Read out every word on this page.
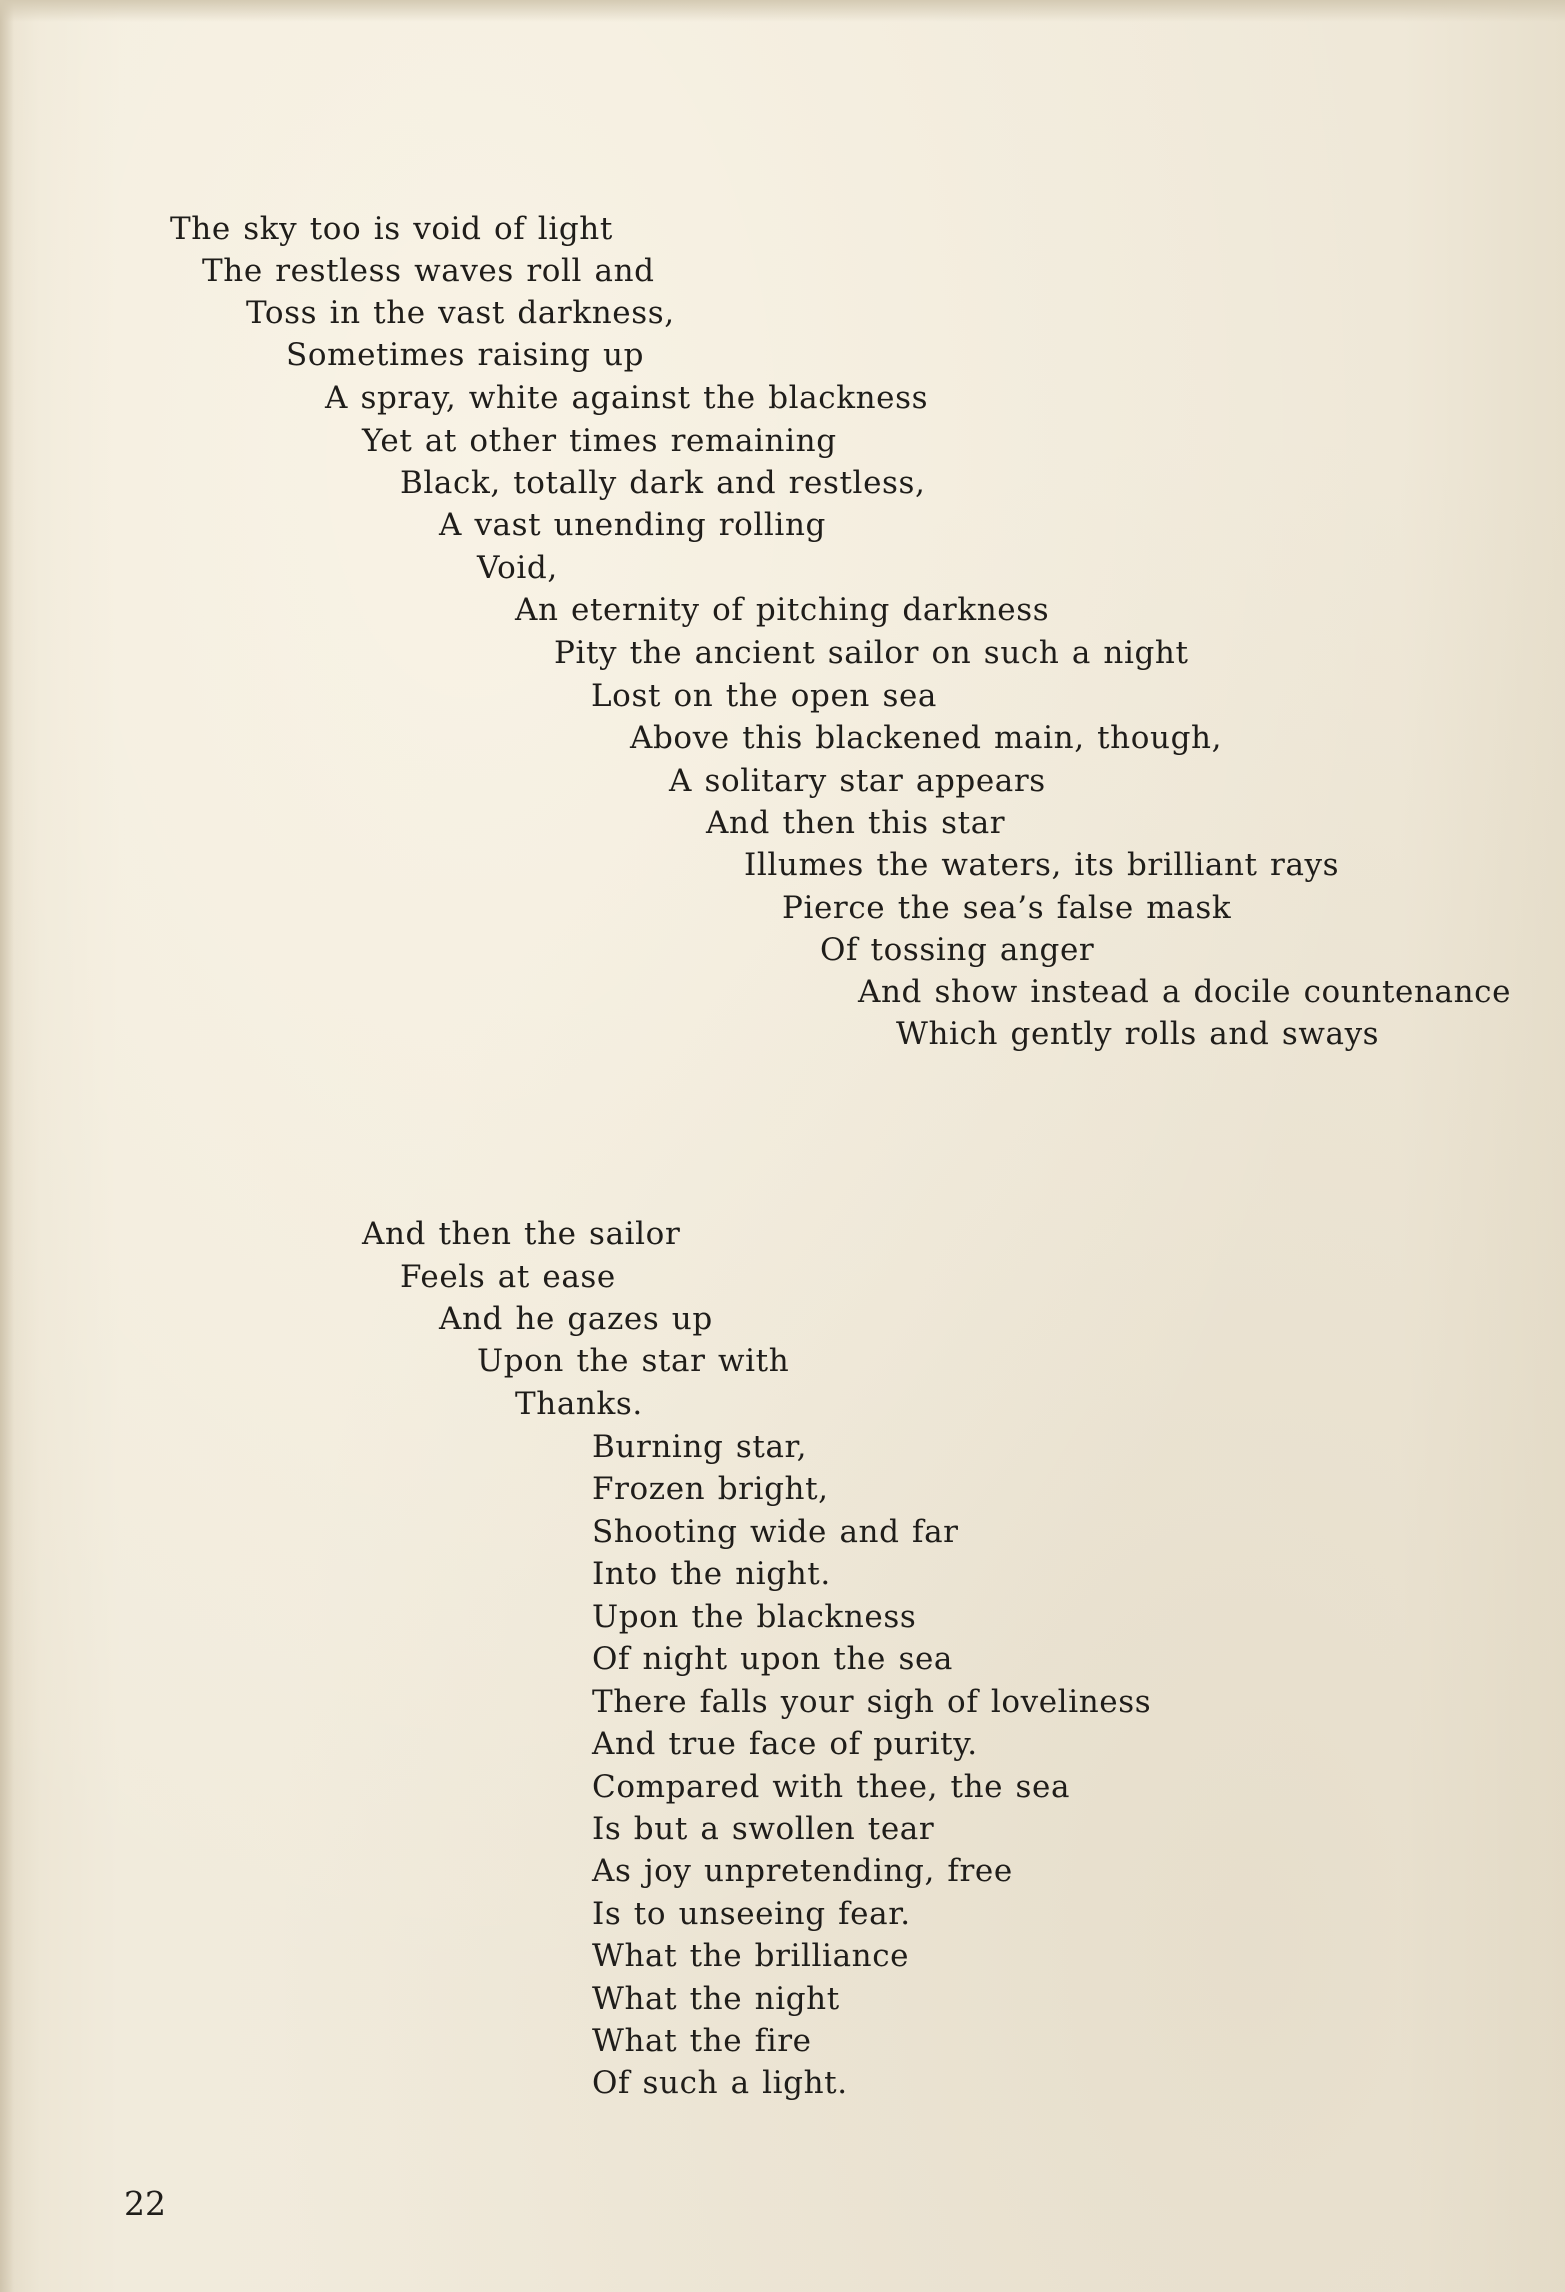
The sky too is void of light

The restless waves roll and

Toss in the vast darkness,

Sometimes raising up

A spray, white against the blackness

Yet at other times remaining

Black, totally dark and restless,

A vast unending rolling

Void,

An eternity of pitching darkness

Pity the ancient sailor on such a night

Lost on the open sea

Above this blackened main, though,

A solitary star appears

And then this star

Illumes the waters, its brilliant rays

Pierce the sea’s false mask

Of tossing anger

And show instead a docile countenance

Which gently rolls and sways

And then the sailor

Feels at ease

And he gazes up

Upon the star with

Thanks.

Burning star,

Frozen bright,

Shooting wide and far

Into the night.

Upon the blackness

Of night upon the sea

There falls your sigh of loveliness

And true face of purity.

Compared with thee, the sea

Is but a swollen tear

As joy unpretending, free

Is to unseeing fear.

What the brilliance

What the night

What the fire

Of such a light.

22
